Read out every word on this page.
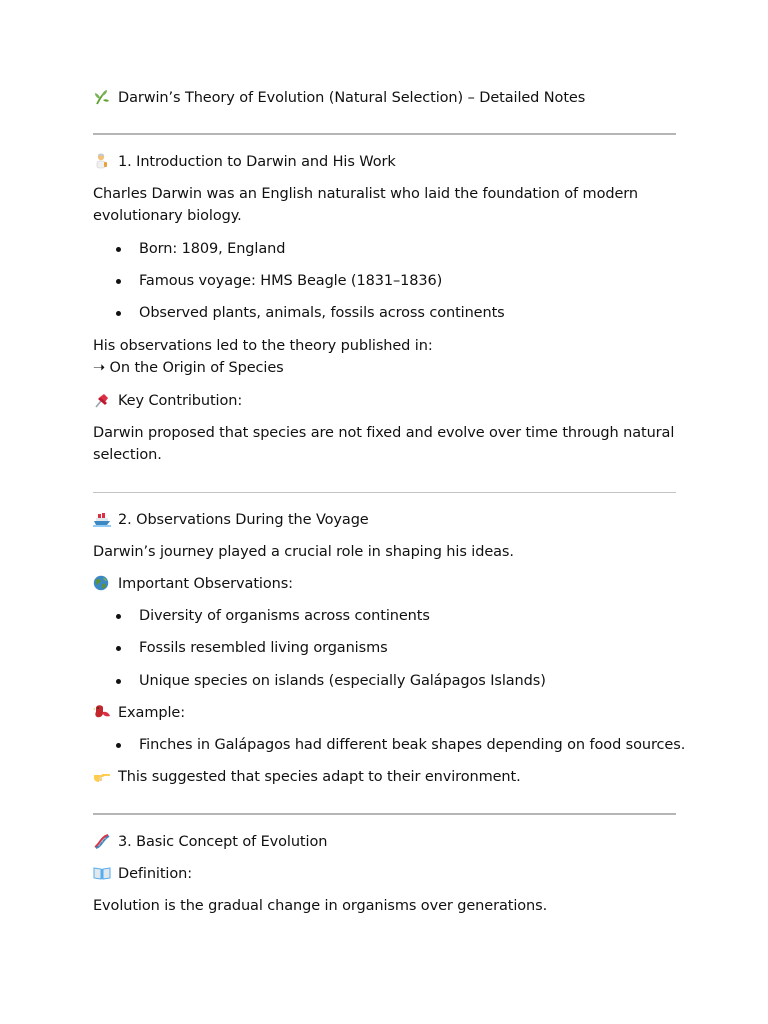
Darwin’s Theory of Evolution (Natural Selection) – Detailed Notes
1. Introduction to Darwin and His Work
Charles Darwin was an English naturalist who laid the foundation of modern
evolutionary biology.
Born: 1809, England
Famous voyage: HMS Beagle (1831–1836)
Observed plants, animals, fossils across continents
His observations led to the theory published in:
➝ On the Origin of Species
Key Contribution:
Darwin proposed that species are not fixed and evolve over time through natural
selection.
2. Observations During the Voyage
Darwin’s journey played a crucial role in shaping his ideas.
Important Observations:
Diversity of organisms across continents
Fossils resembled living organisms
Unique species on islands (especially Galápagos Islands)
Example:
Finches in Galápagos had different beak shapes depending on food sources.
This suggested that species adapt to their environment.
3. Basic Concept of Evolution
Definition:
Evolution is the gradual change in organisms over generations.
